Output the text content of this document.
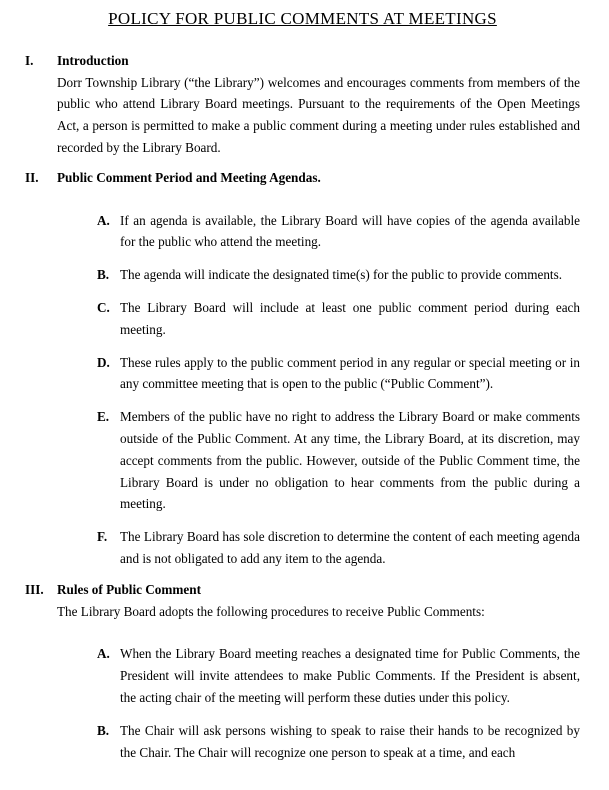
POLICY FOR PUBLIC COMMENTS AT MEETINGS
I.	Introduction

Dorr Township Library (“the Library”) welcomes and encourages comments from members of the public who attend Library Board meetings. Pursuant to the requirements of the Open Meetings Act, a person is permitted to make a public comment during a meeting under rules established and recorded by the Library Board.

II.	Public Comment Period and Meeting Agendas.
A. If an agenda is available, the Library Board will have copies of the agenda available for the public who attend the meeting.

B. The agenda will indicate the designated time(s) for the public to provide comments.

C. The Library Board will include at least one public comment period during each meeting.

D. These rules apply to the public comment period in any regular or special meeting or in any committee meeting that is open to the public (“Public Comment”).

E. Members of the public have no right to address the Library Board or make comments outside of the Public Comment. At any time, the Library Board, at its discretion, may accept comments from the public. However, outside of the Public Comment time, the Library Board is under no obligation to hear comments from the public during a meeting.

F. The Library Board has sole discretion to determine the content of each meeting agenda and is not obligated to add any item to the agenda.

III.	Rules of Public Comment

The Library Board adopts the following procedures to receive Public Comments:

A. When the Library Board meeting reaches a designated time for Public Comments, the President will invite attendees to make Public Comments. If the President is absent, the acting chair of the meeting will perform these duties under this policy.

B. The Chair will ask persons wishing to speak to raise their hands to be recognized by the Chair. The Chair will recognize one person to speak at a time, and each
